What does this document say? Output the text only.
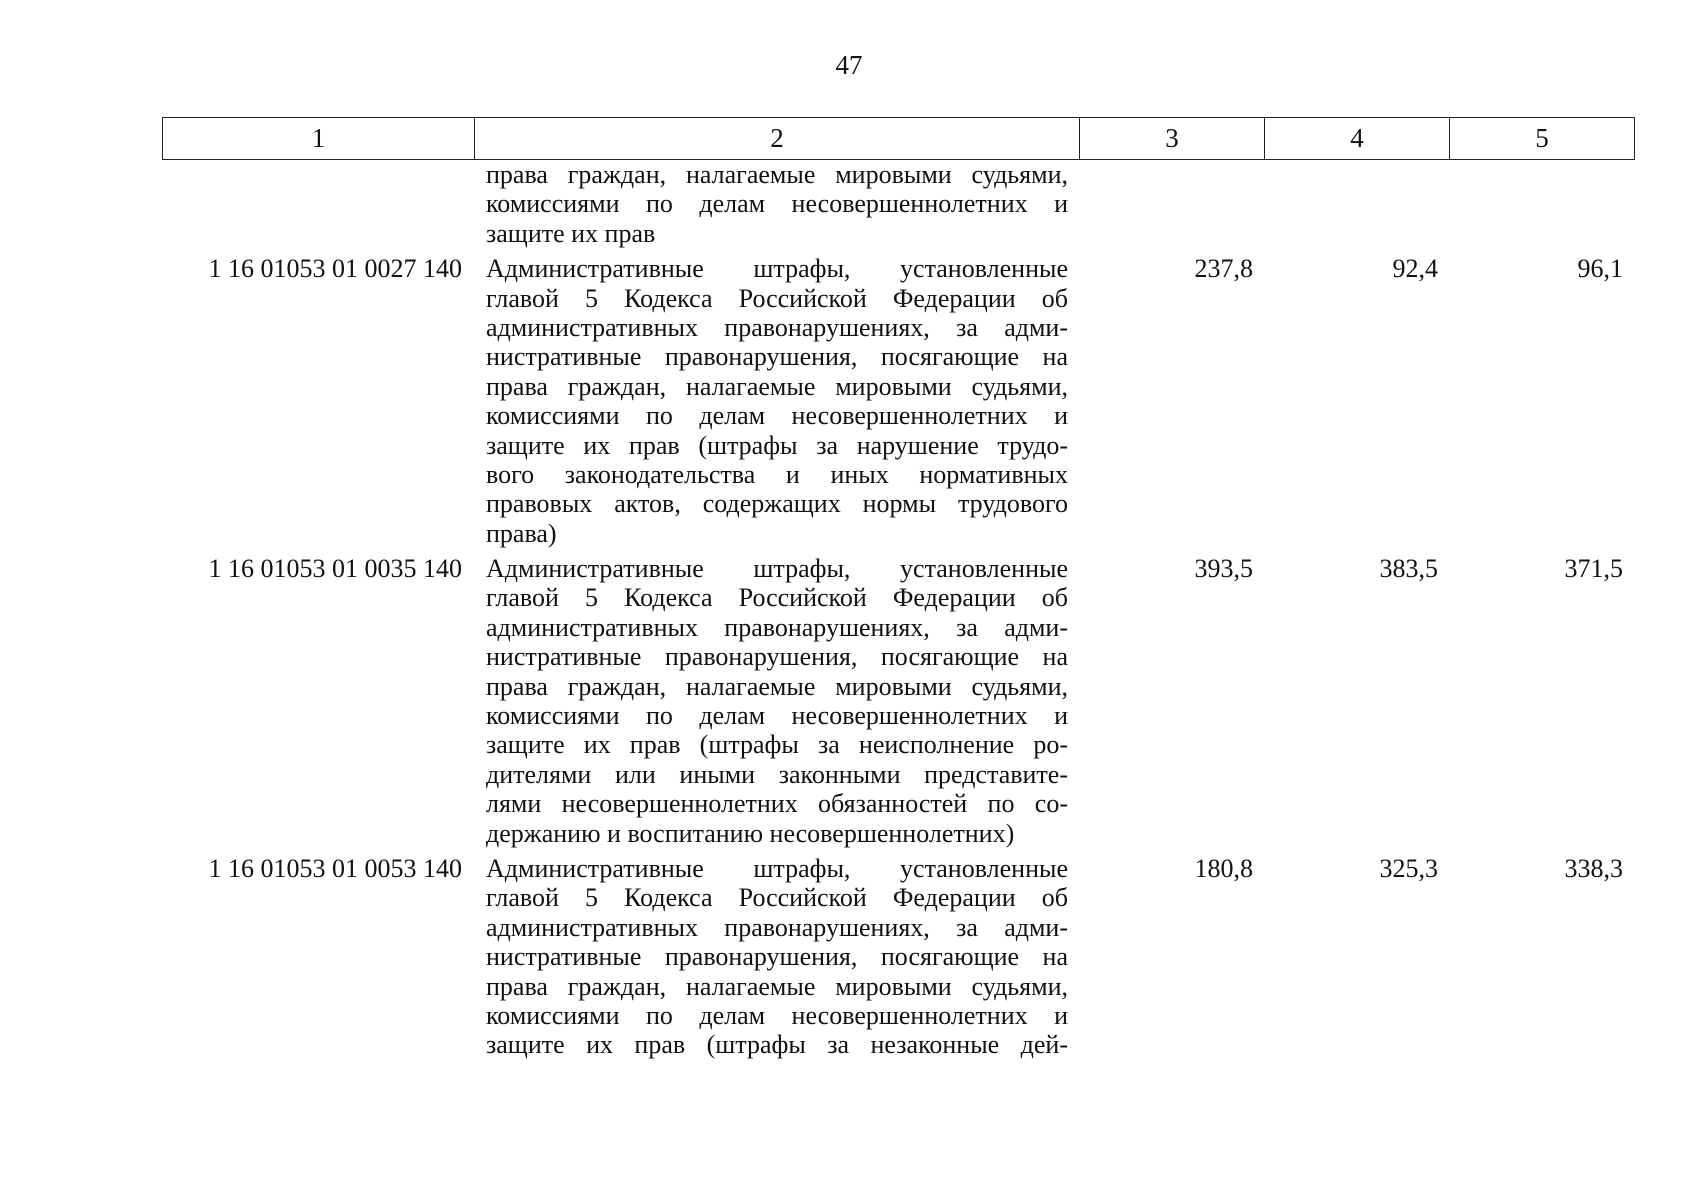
47
1	2	3	4	5
права граждан, налагаемые мировыми судьями,
комиссиями по делам несовершеннолетних и
защите их прав
1 16 01053 01 0027 140 Административные штрафы, установленные
главой 5 Кодекса Российской Федерации об
административных правонарушениях, за адми-
нистративные правонарушения, посягающие на
права граждан, налагаемые мировыми судьями,
комиссиями по делам несовершеннолетних и
защите их прав (штрафы за нарушение трудо-
вого законодательства и иных нормативных
правовых актов, содержащих нормы трудового
права)
237,8	92,4	96,1
1 16 01053 01 0035 140 Административные штрафы, установленные
главой 5 Кодекса Российской Федерации об
административных правонарушениях, за адми-
нистративные правонарушения, посягающие на
права граждан, налагаемые мировыми судьями,
комиссиями по делам несовершеннолетних и
защите их прав (штрафы за неисполнение ро-
дителями или иными законными представите-
лями несовершеннолетних обязанностей по со-
держанию и воспитанию несовершеннолетних)
393,5	383,5	371,5
1 16 01053 01 0053 140 Административные штрафы, установленные
главой 5 Кодекса Российской Федерации об
административных правонарушениях, за адми-
нистративные правонарушения, посягающие на
права граждан, налагаемые мировыми судьями,
комиссиями по делам несовершеннолетних и
защите их прав (штрафы за незаконные дей-
180,8	325,3	338,3
